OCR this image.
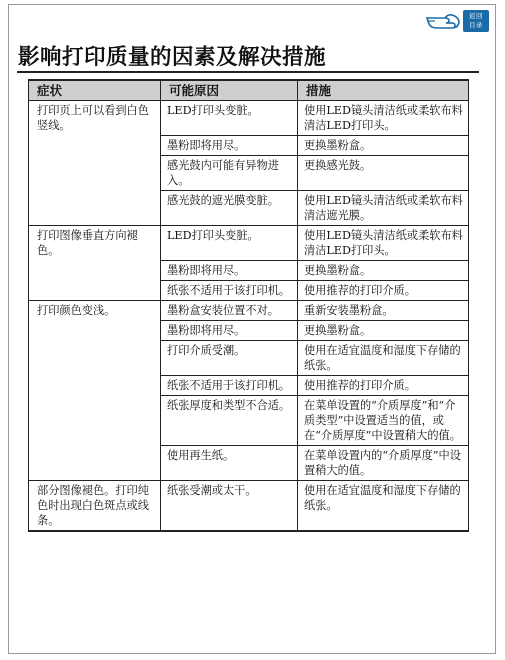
返回
目录
影响打印质量的因素及解决措施
症状	可能原因	措施
打印页上可以看到白色竖线。	LED打印头变脏。	使用LED镜头清洁纸或柔软布料清洁LED打印头。
	墨粉即将用尽。	更换墨粉盒。
	感光鼓内可能有异物进入。	更换感光鼓。
	感光鼓的遮光膜变脏。	使用LED镜头清洁纸或柔软布料清洁遮光膜。
打印图像垂直方向褪色。	LED打印头变脏。	使用LED镜头清洁纸或柔软布料清洁LED打印头。
	墨粉即将用尽。	更换墨粉盒。
	纸张不适用于该打印机。	使用推荐的打印介质。
打印颜色变浅。	墨粉盒安装位置不对。	重新安装墨粉盒。
	墨粉即将用尽。	更换墨粉盒。
	打印介质受潮。	使用在适宜温度和湿度下存储的纸张。
	纸张不适用于该打印机。	使用推荐的打印介质。
	纸张厚度和类型不合适。	在菜单设置的“介质厚度”和“介质类型”中设置适当的值，或在“介质厚度”中设置稍大的值。
	使用再生纸。	在菜单设置内的“介质厚度”中设置稍大的值。
部分图像褪色。打印纯色时出现白色斑点或线条。	纸张受潮或太干。	使用在适宜温度和湿度下存储的纸张。
